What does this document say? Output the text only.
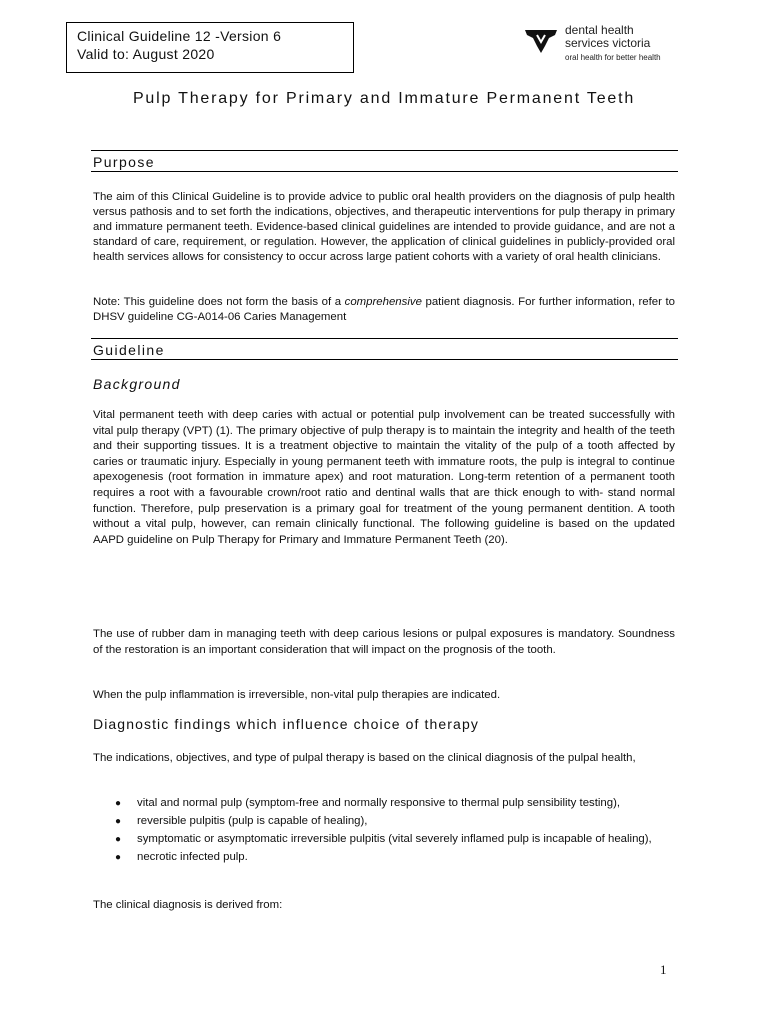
Clinical Guideline 12 -Version 6
Valid to: August 2020
dental health
services victoria
oral health for better health
Pulp Therapy for Primary and Immature Permanent Teeth
Purpose

The aim of this Clinical Guideline is to provide advice to public oral health providers on the diagnosis of pulp health versus pathosis and to set forth the indications, objectives, and therapeutic interventions for pulp therapy in primary and immature permanent teeth. Evidence-based clinical guidelines are intended to provide guidance, and are not a standard of care, requirement, or regulation. However, the application of clinical guidelines in publicly-provided oral health services allows for consistency to occur across large patient cohorts with a variety of oral health clinicians.

Note: This guideline does not form the basis of a comprehensive patient diagnosis. For further information, refer to DHSV guideline CG-A014-06 Caries Management

Guideline
Background

Vital permanent teeth with deep caries with actual or potential pulp involvement can be treated successfully with vital pulp therapy (VPT) (1). The primary objective of pulp therapy is to maintain the integrity and health of the teeth and their supporting tissues. It is a treatment objective to maintain the vitality of the pulp of a tooth affected by caries or traumatic injury. Especially in young permanent teeth with immature roots, the pulp is integral to continue apexogenesis (root formation in immature apex) and root maturation. Long-term retention of a permanent tooth requires a root with a favourable crown/root ratio and dentinal walls that are thick enough to with- stand normal function. Therefore, pulp preservation is a primary goal for treatment of the young permanent dentition. A tooth without a vital pulp, however, can remain clinically functional. The following guideline is based on the updated AAPD guideline on Pulp Therapy for Primary and Immature Permanent Teeth (20).

The use of rubber dam in managing teeth with deep carious lesions or pulpal exposures is mandatory. Soundness of the restoration is an important consideration that will impact on the prognosis of the tooth.

When the pulp inflammation is irreversible, non-vital pulp therapies are indicated.

Diagnostic findings which influence choice of therapy

The indications, objectives, and type of pulpal therapy is based on the clinical diagnosis of the pulpal health,

● vital and normal pulp (symptom-free and normally responsive to thermal pulp sensibility testing),
● reversible pulpitis (pulp is capable of healing),
● symptomatic or asymptomatic irreversible pulpitis (vital severely inflamed pulp is incapable of healing),
● necrotic infected pulp.

The clinical diagnosis is derived from:

1
